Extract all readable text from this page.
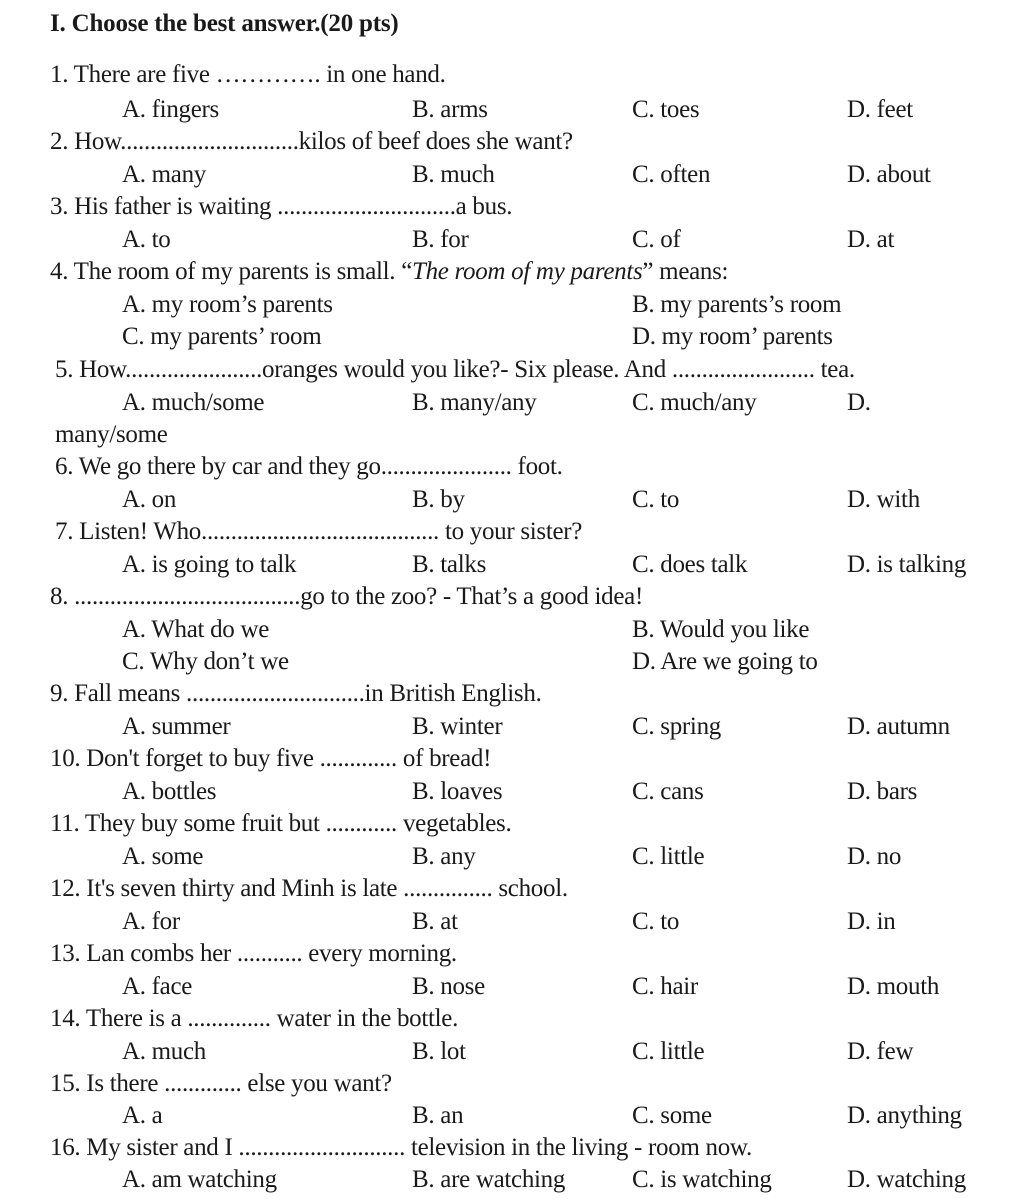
I. Choose the best answer.(20 pts)
1. There are five …………. in one hand.
A. fingers	B. arms	C. toes	D. feet
2. How..............................kilos of beef does she want?
A. many	B. much	C. often	D. about
3. His father is waiting ..............................a bus.
A. to	B. for	C. of	D. at
4. The room of my parents is small. “The room of my parents” means:
A. my room’s parents	B. my parents’s room
C. my parents’ room	D. my room’ parents
5. How.......................oranges would you like?- Six please. And ........................ tea.
A. much/some	B. many/any	C. much/any	D.
many/some
6. We go there by car and they go...................... foot.
A. on	B. by	C. to	D. with
7. Listen! Who........................................ to your sister?
A. is going to talk	B. talks	C. does talk	D. is talking
8. ......................................go to the zoo? - That’s a good idea!
A. What do we	B. Would you like
C. Why don’t we	D. Are we going to
9. Fall means ..............................in British English.
A. summer	B. winter	C. spring	D. autumn
10. Don't forget to buy five ............. of bread!
A. bottles	B. loaves	C. cans	D. bars
11. They buy some fruit but ............ vegetables.
A. some	B. any	C. little	D. no
12. It's seven thirty and Minh is late ............... school.
A. for	B. at	C. to	D. in
13. Lan combs her ........... every morning.
A. face	B. nose	C. hair	D. mouth
14. There is a .............. water in the bottle.
A. much	B. lot	C. little	D. few
15. Is there ............. else you want?
A. a	B. an	C. some	D. anything
16. My sister and I ............................ television in the living - room now.
A. am watching	B. are watching	C. is watching	D. watching
